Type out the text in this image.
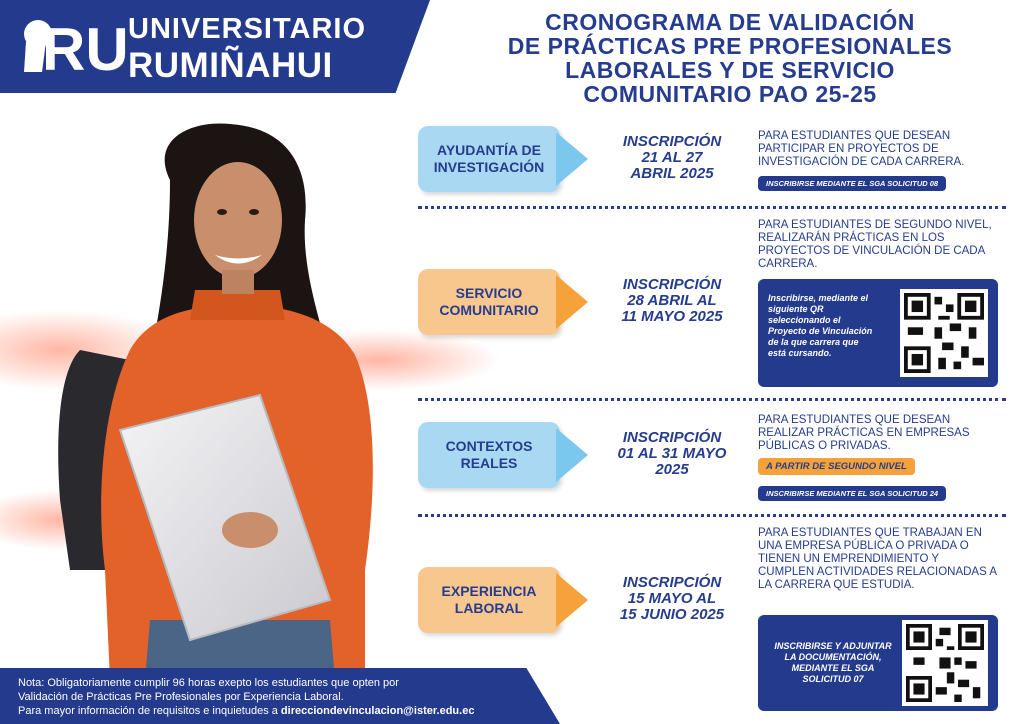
RU UNIVERSITARIO
RUMIÑAHUI
CRONOGRAMA DE VALIDACIÓN
DE PRÁCTICAS PRE PROFESIONALES
LABORALES Y DE SERVICIO
COMUNITARIO PAO 25-25
AYUDANTÍA DE
INVESTIGACIÓN
INSCRIPCIÓN
21 AL 27
ABRIL 2025
PARA ESTUDIANTES QUE DESEAN PARTICIPAR EN PROYECTOS DE INVESTIGACIÓN DE CADA CARRERA.
INSCRIBIRSE MEDIANTE EL SGA SOLICITUD 08
SERVICIO
COMUNITARIO
INSCRIPCIÓN
28 ABRIL AL
11 MAYO 2025
PARA ESTUDIANTES DE SEGUNDO NIVEL, REALIZARÁN PRÁCTICAS EN LOS PROYECTOS DE VINCULACIÓN DE CADA CARRERA.
Inscribirse, mediante el siguiente QR seleccionando el Proyecto de Vinculación de la que carrera que está cursando.
CONTEXTOS
REALES
INSCRIPCIÓN
01 AL 31 MAYO
2025
PARA ESTUDIANTES QUE DESEAN REALIZAR PRÁCTICAS EN EMPRESAS PÚBLICAS O PRIVADAS.
A PARTIR DE SEGUNDO NIVEL
INSCRIBIRSE MEDIANTE EL SGA SOLICITUD 24
EXPERIENCIA
LABORAL
INSCRIPCIÓN
15 MAYO AL
15 JUNIO 2025
PARA ESTUDIANTES QUE TRABAJAN EN UNA EMPRESA PÚBLICA O PRIVADA O TIENEN UN EMPRENDIMIENTO Y CUMPLEN ACTIVIDADES RELACIONADAS A LA CARRERA QUE ESTUDIA.
INSCRIBIRSE Y ADJUNTAR LA DOCUMENTACIÓN, MEDIANTE EL SGA SOLICITUD 07
Nota: Obligatoriamente cumplir 96 horas exepto los estudiantes que opten por
Validación de Prácticas Pre Profesionales por Experiencia Laboral.
Para mayor información de requisitos e inquietudes a direcciondevinculacion@ister.edu.ec
